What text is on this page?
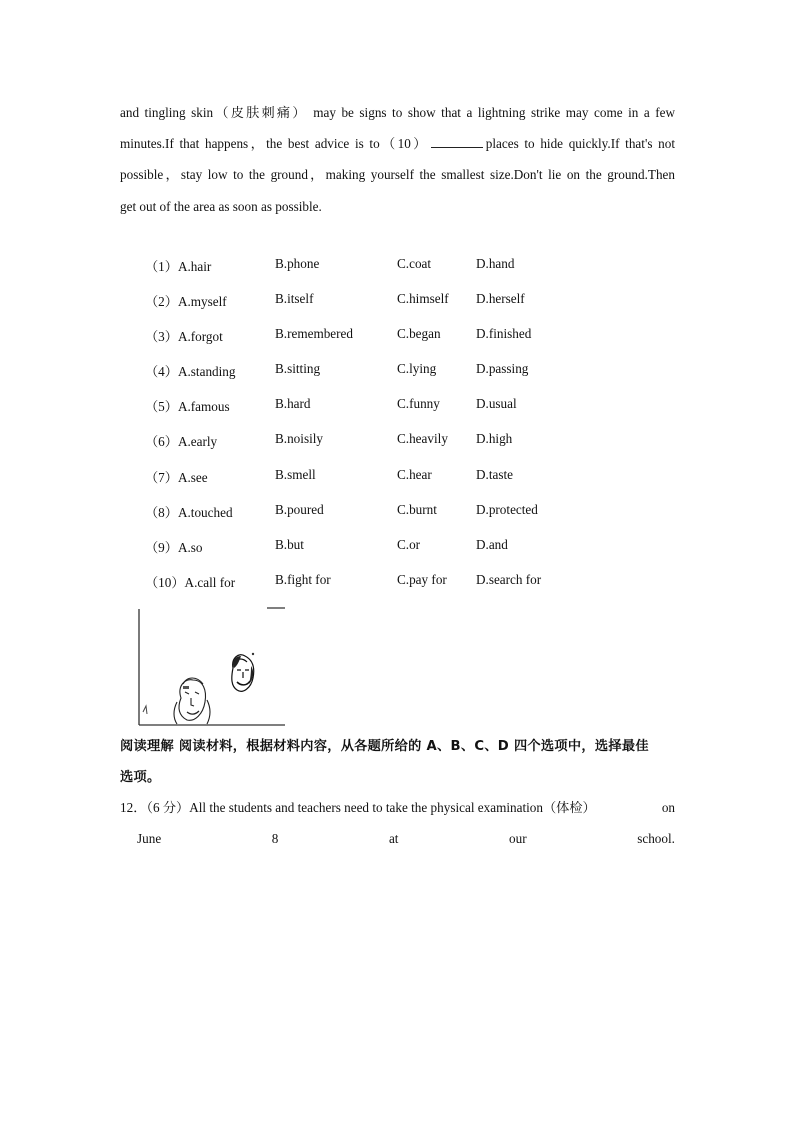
and tingling skin（皮肤刺痛） may be signs to show that a lightning strike may come in a few
minutes.If that happens，the best advice is to（10）	places to hide quickly.If that's not
possible，stay low to the ground，making yourself the smallest size.Don't lie on the ground.Then
get out of the area as soon as possible.
（1）A.hair	B.phone	C.coat	D.hand
（2）A.myself	B.itself	C.himself D.herself
（3）A.forgot	B.remembered	C.began	D.finished
（4）A.standing	B.sitting	C.lying	D.passing
（5）A.famous	B.hard	C.funny	D.usual
（6）A.early	B.noisily	C.heavily D.high
（7）A.see	B.smell	C.hear	D.taste
（8）A.touched	B.poured	C.burnt	D.protected
（9）A.so	B.but	C.or	D.and
（10）A.call for	B.fight for	C.pay for D.search for
阅读理解 阅读材料，根据材料内容，从各题所给的 A、B、C、D 四个选项中，选择最佳
选项。
12．（6 分）All the students and teachers need to take the physical examination（体检）	on
June	8	at	our	school.
